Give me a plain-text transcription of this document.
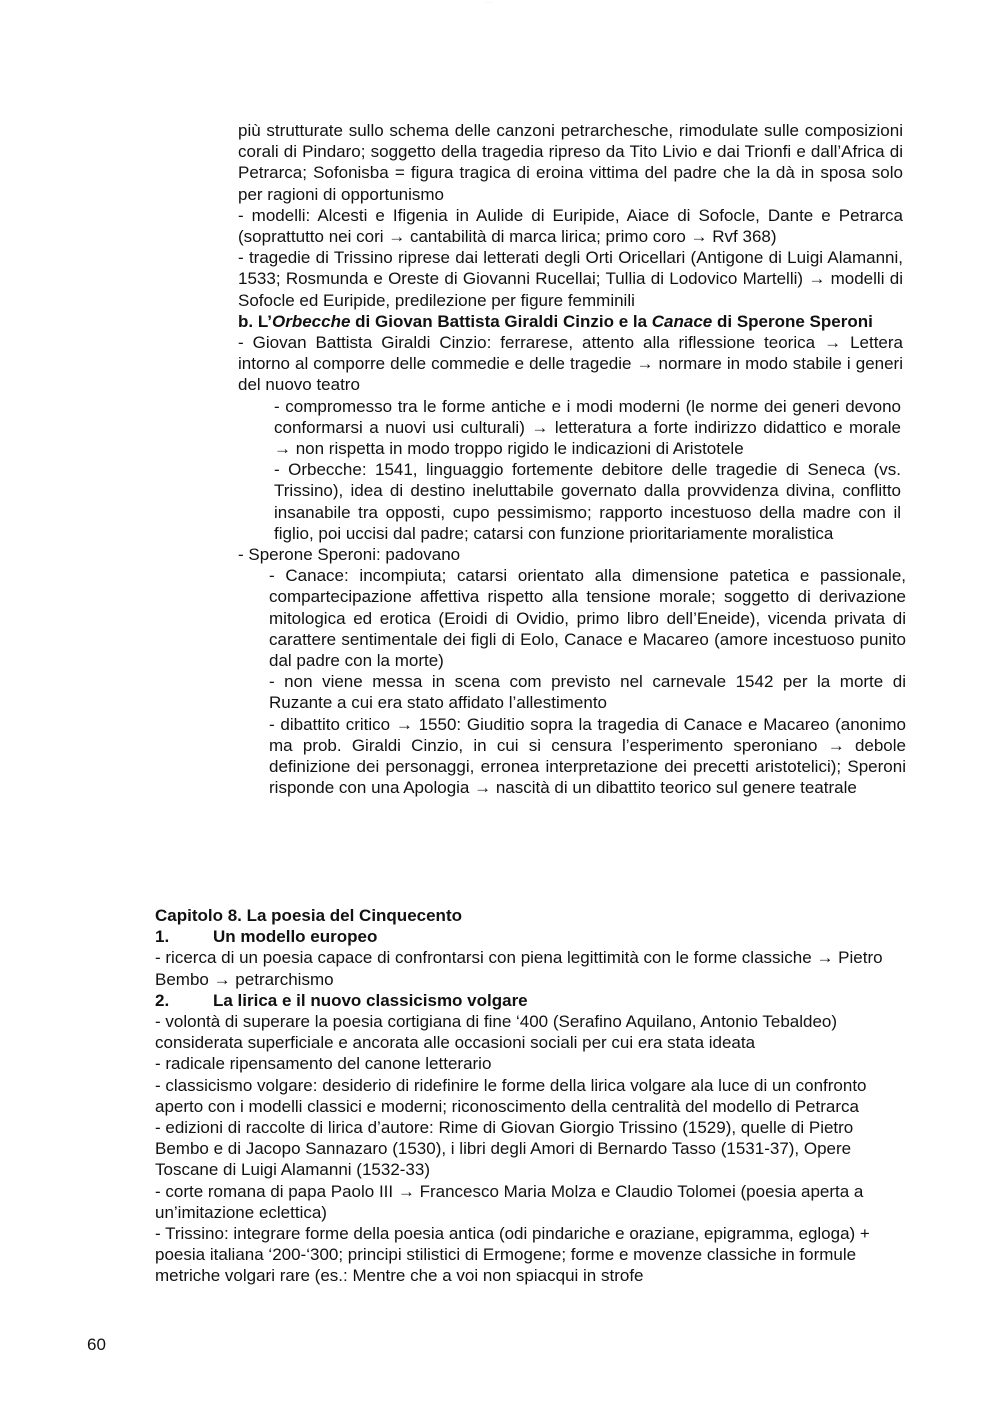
· · ·

più strutturate sullo schema delle canzoni petrarchesche, rimodulate sulle composizioni corali di Pindaro; soggetto della tragedia ripreso da Tito Livio e dai Trionfi e dall’Africa di Petrarca; Sofonisba = figura tragica di eroina vittima del padre che la dà in sposa solo per ragioni di opportunismo

- modelli: Alcesti e Ifigenia in Aulide di Euripide, Aiace di Sofocle, Dante e Petrarca (soprattutto nei cori → cantabilità di marca lirica; primo coro → Rvf 368)

- tragedie di Trissino riprese dai letterati degli Orti Oricellari (Antigone di Luigi Alamanni, 1533; Rosmunda e Oreste di Giovanni Rucellai; Tullia di Lodovico Martelli) → modelli di Sofocle ed Euripide, predilezione per figure femminili

b. L’Orbecche di Giovan Battista Giraldi Cinzio e la Canace di Sperone Speroni

- Giovan Battista Giraldi Cinzio: ferrarese, attento alla riflessione teorica → Lettera intorno al comporre delle commedie e delle tragedie → normare in modo stabile i generi del nuovo teatro

- compromesso tra le forme antiche e i modi moderni (le norme dei generi devono conformarsi a nuovi usi culturali) → letteratura a forte indirizzo didattico e morale → non rispetta in modo troppo rigido le indicazioni di Aristotele

- Orbecche: 1541, linguaggio fortemente debitore delle tragedie di Seneca (vs. Trissino), idea di destino ineluttabile governato dalla provvidenza divina, conflitto insanabile tra opposti, cupo pessimismo; rapporto incestuoso della madre con il figlio, poi uccisi dal padre; catarsi con funzione prioritariamente moralistica

- Sperone Speroni: padovano

- Canace: incompiuta; catarsi orientato alla dimensione patetica e passionale, compartecipazione affettiva rispetto alla tensione morale; soggetto di derivazione mitologica ed erotica (Eroidi di Ovidio, primo libro dell’Eneide), vicenda privata di carattere sentimentale dei figli di Eolo, Canace e Macareo (amore incestuoso punito dal padre con la morte)

- non viene messa in scena com previsto nel carnevale 1542 per la morte di Ruzante a cui era stato affidato l’allestimento

- dibattito critico → 1550: Giuditio sopra la tragedia di Canace e Macareo (anonimo ma prob. Giraldi Cinzio, in cui si censura l’esperimento speroniano → debole definizione dei personaggi, erronea interpretazione dei precetti aristotelici); Speroni risponde con una Apologia → nascità di un dibattito teorico sul genere teatrale

Capitolo 8. La poesia del Cinquecento

1.	Un modello europeo

- ricerca di un poesia capace di confrontarsi con piena legittimità con le forme classiche → Pietro Bembo → petrarchismo

2.	La lirica e il nuovo classicismo volgare

- volontà di superare la poesia cortigiana di fine ‘400 (Serafino Aquilano, Antonio Tebaldeo) considerata superficiale e ancorata alle occasioni sociali per cui era stata ideata

- radicale ripensamento del canone letterario

- classicismo volgare: desiderio di ridefinire le forme della lirica volgare ala luce di un confronto aperto con i modelli classici e moderni; riconoscimento della centralità del modello di Petrarca

- edizioni di raccolte di lirica d’autore: Rime di Giovan Giorgio Trissino (1529), quelle di Pietro Bembo e di Jacopo Sannazaro (1530), i libri degli Amori di Bernardo Tasso (1531-37), Opere Toscane di Luigi Alamanni (1532-33)

- corte romana di papa Paolo III → Francesco Maria Molza e Claudio Tolomei (poesia aperta a un’imitazione eclettica)

- Trissino: integrare forme della poesia antica (odi pindariche e oraziane, epigramma, egloga) + poesia italiana ‘200-‘300; principi stilistici di Ermogene; forme e movenze classiche in formule metriche volgari rare (es.: Mentre che a voi non spiacqui in strofe

60
